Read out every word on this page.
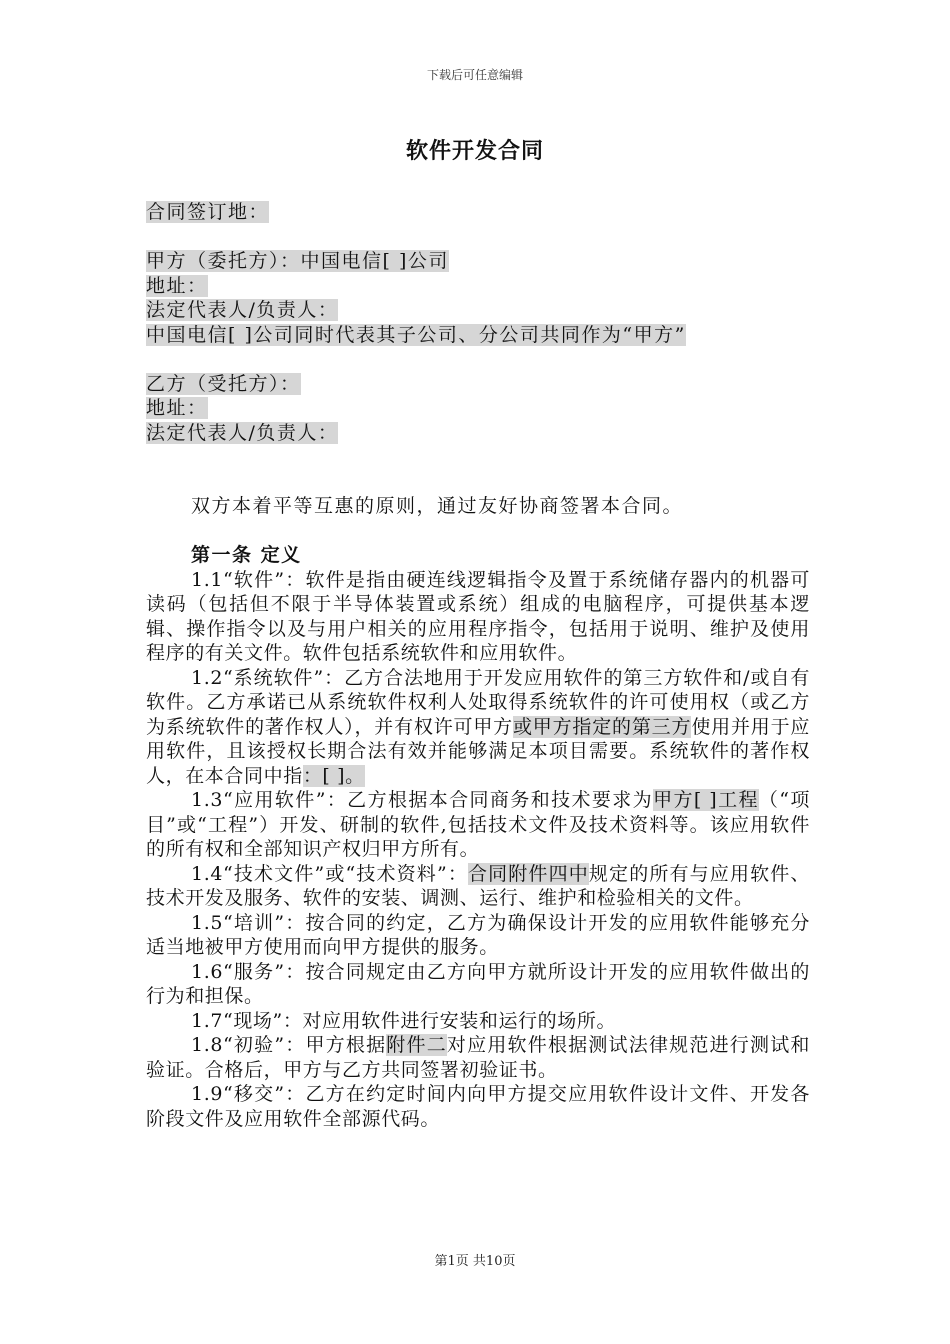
下载后可任意编辑
软件开发合同
合同签订地：
甲方（委托方）：中国电信[ ]公司
地址：
法定代表人/负责人：
中国电信[ ]公司同时代表其子公司、分公司共同作为“甲方”
乙方（受托方）：
地址：
法定代表人/负责人：
双方本着平等互惠的原则，通过友好协商签署本合同。
第一条 定义
1.1“软件”：软件是指由硬连线逻辑指令及置于系统储存器内的机器可读码（包括但不限于半导体装置或系统）组成的电脑程序，可提供基本逻辑、操作指令以及与用户相关的应用程序指令，包括用于说明、维护及使用程序的有关文件。软件包括系统软件和应用软件。
1.2“系统软件”：乙方合法地用于开发应用软件的第三方软件和/或自有软件。乙方承诺已从系统软件权利人处取得系统软件的许可使用权（或乙方为系统软件的著作权人），并有权许可甲方或甲方指定的第三方使用并用于应用软件，且该授权长期合法有效并能够满足本项目需要。系统软件的著作权人，在本合同中指：[ ]。
1.3“应用软件”：乙方根据本合同商务和技术要求为甲方[ ]工程（“项目”或“工程”）开发、研制的软件,包括技术文件及技术资料等。该应用软件的所有权和全部知识产权归甲方所有。
1.4“技术文件”或“技术资料”：合同附件四中规定的所有与应用软件、技术开发及服务、软件的安装、调测、运行、维护和检验相关的文件。
1.5“培训”：按合同的约定，乙方为确保设计开发的应用软件能够充分适当地被甲方使用而向甲方提供的服务。
1.6“服务”：按合同规定由乙方向甲方就所设计开发的应用软件做出的行为和担保。
1.7“现场”：对应用软件进行安装和运行的场所。
1.8“初验”：甲方根据附件二对应用软件根据测试法律规范进行测试和验证。合格后，甲方与乙方共同签署初验证书。
1.9“移交”：乙方在约定时间内向甲方提交应用软件设计文件、开发各阶段文件及应用软件全部源代码。
第1页 共10页
